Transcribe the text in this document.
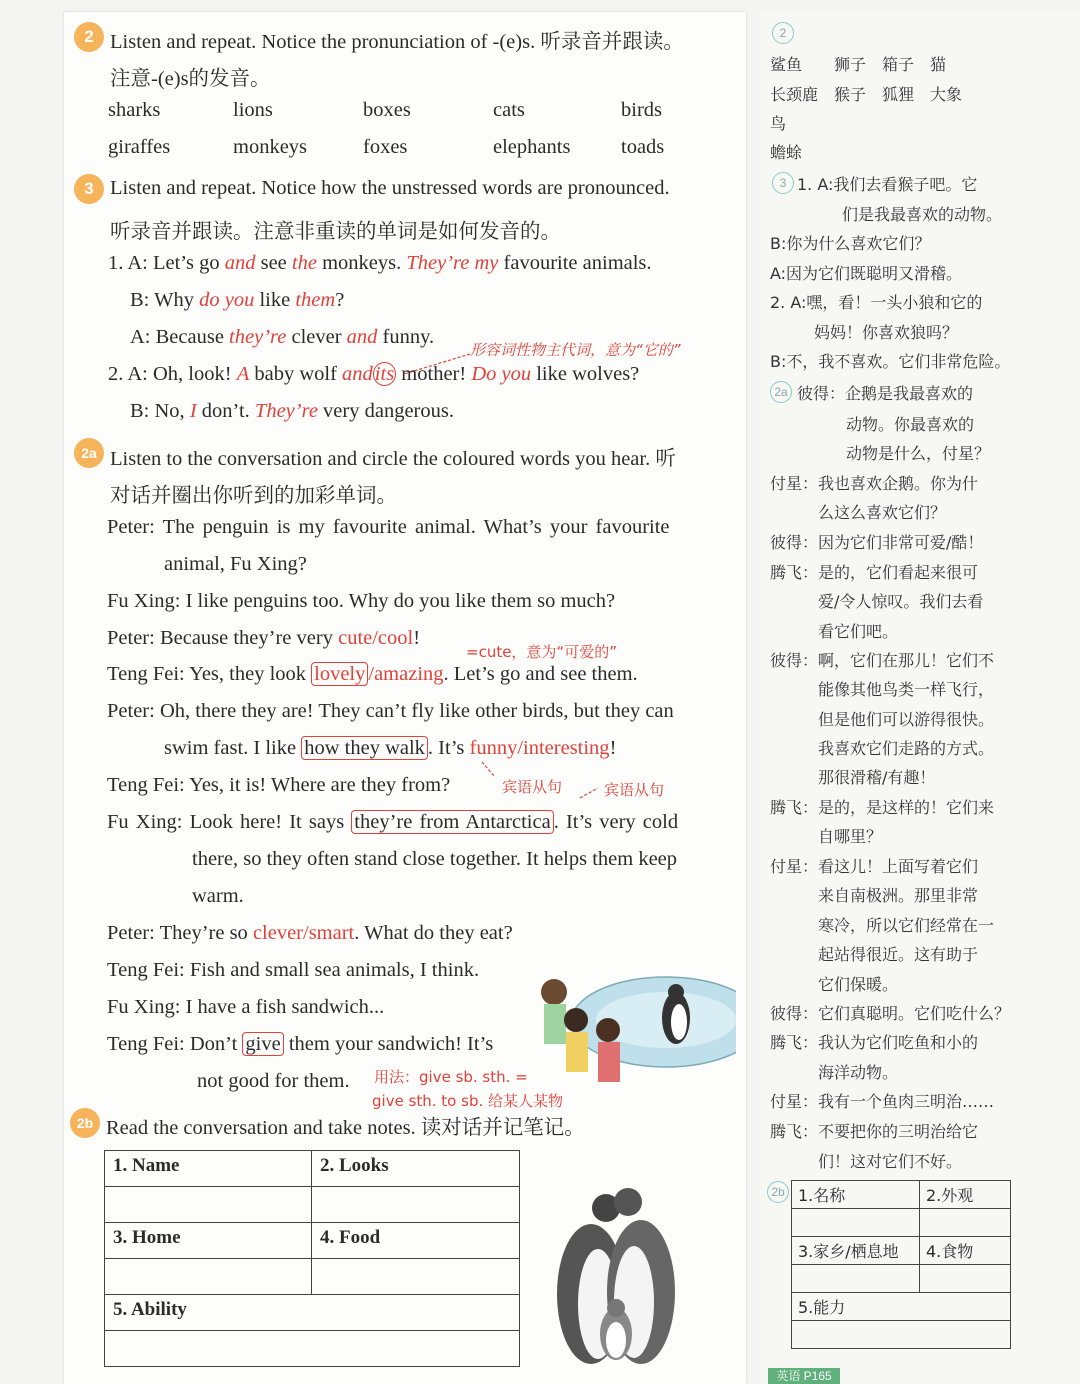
2 Listen and repeat. Notice the pronunciation of -(e)s. 听录音并跟读。
注意-(e)s的发音。
sharks	lions	boxes	cats	birds
giraffes	monkeys	foxes	elephants toads
3 Listen and repeat. Notice how the unstressed words are pronounced.
听录音并跟读。注意非重读的单词是如何发音的。
1. A: Let’s go and see the monkeys. They’re my favourite animals.
B: Why do you like them?
A: Because they’re clever and funny.
形容词性物主代词，意为“它的”
2. A: Oh, look! A baby wolf andits mother! Do you like wolves?
B: No, I don’t. They’re very dangerous.
2a Listen to the conversation and circle the coloured words you hear. 听
对话并圈出你听到的加彩单词。
Peter: The penguin is my favourite animal. What’s your favourite
animal, Fu Xing?
Fu Xing: I like penguins too. Why do you like them so much?
Peter: Because they’re very cute/cool!
=cute，意为“可爱的”
Teng Fei: Yes, they look lovely /amazing. Let’s go and see them.
Peter: Oh, there they are! They can’t fly like other birds, but they can
swim fast. I like how they walk . It’s funny/interesting!
Teng Fei: Yes, it is! Where are they from?	宾语从句	宾语从句
Fu Xing: Look here! It says they’re from Antarctica . It’s very cold
there, so they often stand close together. It helps them keep
warm.
Peter: They’re so clever/smart. What do they eat?
Teng Fei: Fish and small sea animals, I think.
Fu Xing: I have a fish sandwich...
Teng Fei: Don’t give them your sandwich! It’s
not good for them. 用法：give sb. sth. =
give sth. to sb. 给某人某物
2b Read the conversation and take notes. 读对话并记笔记。
1. Name	2. Looks

3. Home	4. Food

5. Ability	

2
鲨鱼　　狮子　箱子　猫
长颈鹿　猴子　狐狸　大象
鸟
蟾蜍
3 1. A:我们去看猴子吧。它
们是我最喜欢的动物。
B:你为什么喜欢它们？
A:因为它们既聪明又滑稽。
2. A:嘿，看！一头小狼和它的
妈妈！你喜欢狼吗？
B:不，我不喜欢。它们非常危险。
2a 彼得：企鹅是我最喜欢的
动物。你最喜欢的
动物是什么，付星？
付星：我也喜欢企鹅。你为什
么这么喜欢它们？
彼得：因为它们非常可爱/酷！
腾飞：是的，它们看起来很可
爱/令人惊叹。我们去看
看它们吧。
彼得：啊，它们在那儿！它们不
能像其他鸟类一样飞行，
但是他们可以游得很快。
我喜欢它们走路的方式。
那很滑稽/有趣！
腾飞：是的，是这样的！它们来
自哪里？
付星：看这儿！上面写着它们
来自南极洲。那里非常
寒冷，所以它们经常在一
起站得很近。这有助于
它们保暖。
彼得：它们真聪明。它们吃什么？
腾飞：我认为它们吃鱼和小的
海洋动物。
付星：我有一个鱼肉三明治……
腾飞：不要把你的三明治给它
们！这对它们不好。
2b 1.名称	2.外观

3.家乡/栖息地	4.食物

5.能力	

英语 P165
